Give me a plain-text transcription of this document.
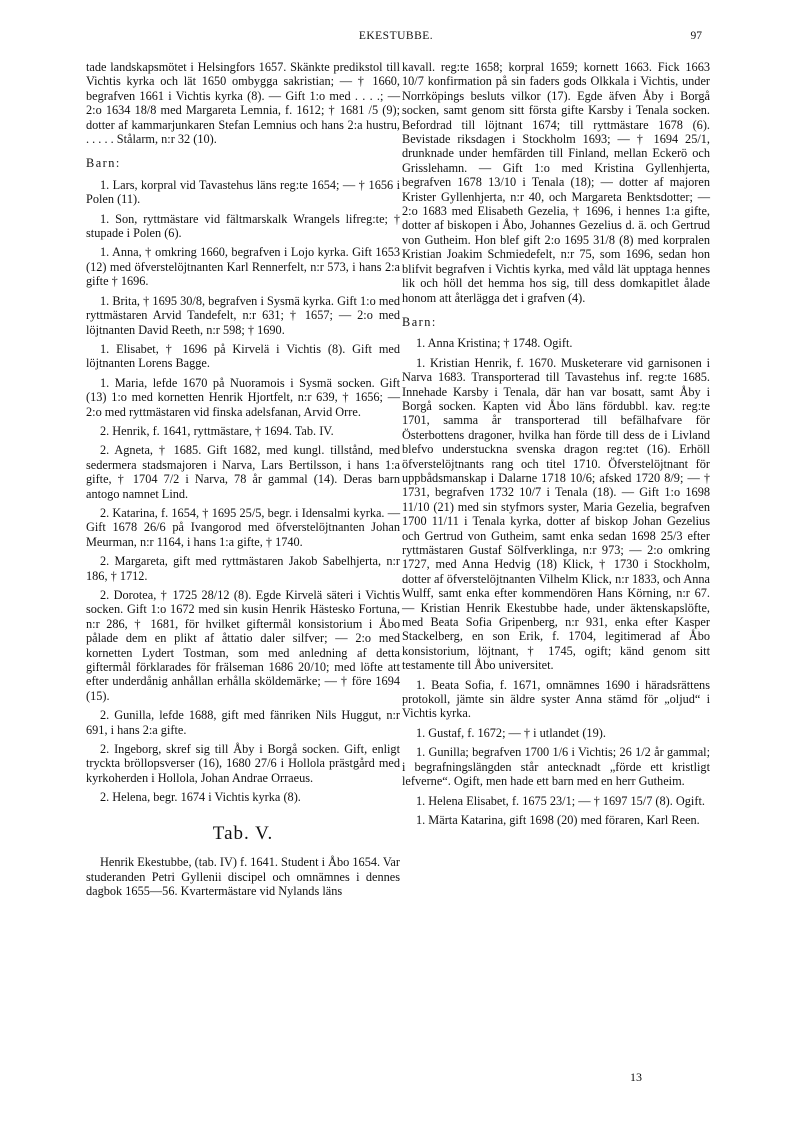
EKESTUBBE.	97

tade landskapsmötet i Helsingfors 1657. Skänkte predikstol till Vichtis kyrka och lät 1650 ombygga sakristian; — † 1660, begrafven 1661 i Vichtis kyrka (8). — Gift 1:o med . . . .; — 2:o 1634 18/8 med Margareta Lemnia, f. 1612; † 1681 /5 (9); dotter af kammarjunkaren Stefan Lemnius och hans 2:a hustru, . . . . . Stålarm, n:r 32 (10).

Barn:

1. Lars, korpral vid Tavastehus läns reg:te 1654; — † 1656 i Polen (11).

1. Son, ryttmästare vid fältmarskalk Wrangels lifreg:te; † stupade i Polen (6).

1. Anna, † omkring 1660, begrafven i Lojo kyrka. Gift 1653 (12) med öfverstelöjtnanten Karl Rennerfelt, n:r 573, i hans 2:a gifte † 1696.

1. Brita, † 1695 30/8, begrafven i Sysmä kyrka. Gift 1:o med ryttmästaren Arvid Tandefelt, n:r 631; † 1657; — 2:o med löjtnanten David Reeth, n:r 598; † 1690.

1. Elisabet, † 1696 på Kirvelä i Vichtis (8). Gift med löjtnanten Lorens Bagge.

1. Maria, lefde 1670 på Nuoramois i Sysmä socken. Gift (13) 1:o med kornetten Henrik Hjortfelt, n:r 639, † 1656; — 2:o med ryttmästaren vid finska adelsfanan, Arvid Orre.

2. Henrik, f. 1641, ryttmästare, † 1694. Tab. IV.

2. Agneta, † 1685. Gift 1682, med kungl. tillstånd, med sedermera stadsmajoren i Narva, Lars Bertilsson, i hans 1:a gifte, † 1704 7/2 i Narva, 78 år gammal (14). Deras barn antogo namnet Lind.

2. Katarina, f. 1654, † 1695 25/5, begr. i Idensalmi kyrka. — Gift 1678 26/6 på Ivangorod med öfverstelöjtnanten Johan Meurman, n:r 1164, i hans 1:a gifte, † 1740.

2. Margareta, gift med ryttmästaren Jakob Sabelhjerta, n:r 186, † 1712.

2. Dorotea, † 1725 28/12 (8). Egde Kirvelä säteri i Vichtis socken. Gift 1:o 1672 med sin kusin Henrik Hästesko Fortuna, n:r 286, † 1681, för hvilket giftermål konsistorium i Åbo pålade dem en plikt af åttatio daler silfver; — 2:o med kornetten Lydert Tostman, som med anledning af detta giftermål förklarades för frälseman 1686 20/10; med löfte att efter underdånig anhållan erhålla sköldemärke; — † före 1694 (15).

2. Gunilla, lefde 1688, gift med fänriken Nils Huggut, n:r 691, i hans 2:a gifte.

2. Ingeborg, skref sig till Åby i Borgå socken. Gift, enligt tryckta bröllopsverser (16), 1680 27/6 i Hollola prästgård med kyrkoherden i Hollola, Johan Andrae Orraeus.

2. Helena, begr. 1674 i Vichtis kyrka (8).

Tab. V.

Henrik Ekestubbe, (tab. IV) f. 1641. Student i Åbo 1654. Var studeranden Petri Gyllenii discipel och omnämnes i dennes dagbok 1655—56. Kvartermästare vid Nylands läns

kavall. reg:te 1658; korpral 1659; kornett 1663. Fick 1663 10/7 konfirmation på sin faders gods Olkkala i Vichtis, under Norrköpings besluts vilkor (17). Egde äfven Åby i Borgå socken, samt genom sitt första gifte Karsby i Tenala socken. Befordrad till löjtnant 1674; till ryttmästare 1678 (6). Bevistade riksdagen i Stockholm 1693; — † 1694 25/1, drunknade under hemfärden till Finland, mellan Eckerö och Grisslehamn. — Gift 1:o med Kristina Gyllenhjerta, begrafven 1678 13/10 i Tenala (18); — dotter af majoren Krister Gyllenhjerta, n:r 40, och Margareta Benktsdotter; — 2:o 1683 med Elisabeth Gezelia, † 1696, i hennes 1:a gifte, dotter af biskopen i Åbo, Johannes Gezelius d. ä. och Gertrud von Gutheim. Hon blef gift 2:o 1695 31/8 (8) med korpralen Kristian Joakim Schmiedefelt, n:r 75, som 1696, sedan hon blifvit begrafven i Vichtis kyrka, med våld lät upptaga hennes lik och höll det hemma hos sig, till dess domkapitlet ålade honom att återlägga det i grafven (4).

Barn:

1. Anna Kristina; † 1748. Ogift.

1. Kristian Henrik, f. 1670. Musketerare vid garnisonen i Narva 1683. Transporterad till Tavastehus inf. reg:te 1685. Innehade Karsby i Tenala, där han var bosatt, samt Åby i Borgå socken. Kapten vid Åbo läns fördubbl. kav. reg:te 1701, samma år transporterad till befälhafvare för Österbottens dragoner, hvilka han förde till dess de i Livland blefvo understuckna svenska dragon reg:tet (16). Erhöll öfverstelöjtnants rang och titel 1710. Öfverstelöjtnant för uppbådsmanskap i Dalarne 1718 10/6; afsked 1720 8/9; — † 1731, begrafven 1732 10/7 i Tenala (18). — Gift 1:o 1698 11/10 (21) med sin styfmors syster, Maria Gezelia, begrafven 1700 11/11 i Tenala kyrka, dotter af biskop Johan Gezelius och Gertrud von Gutheim, samt enka sedan 1698 25/3 efter ryttmästaren Gustaf Sölfverklinga, n:r 973; — 2:o omkring 1727, med Anna Hedvig (18) Klick, † 1730 i Stockholm, dotter af öfverstelöjtnanten Vilhelm Klick, n:r 1833, och Anna Wulff, samt enka efter kommendören Hans Körning, n:r 67. — Kristian Henrik Ekestubbe hade, under äktenskapslöfte, med Beata Sofia Gripenberg, n:r 931, enka efter Kasper Stackelberg, en son Erik, f. 1704, legitimerad af Åbo konsistorium, löjtnant, † 1745, ogift; känd genom sitt testamente till Åbo universitet.

1. Beata Sofia, f. 1671, omnämnes 1690 i häradsrättens protokoll, jämte sin äldre syster Anna stämd för „oljud“ i Vichtis kyrka.

1. Gustaf, f. 1672; — † i utlandet (19).

1. Gunilla; begrafven 1700 1/6 i Vichtis; 26 1/2 år gammal; i begrafningslängden står antecknadt „förde ett kristligt lefverne“. Ogift, men hade ett barn med en herr Gutheim.

1. Helena Elisabet, f. 1675 23/1; — † 1697 15/7 (8). Ogift.

1. Märta Katarina, gift 1698 (20) med föraren, Karl Reen.

13
